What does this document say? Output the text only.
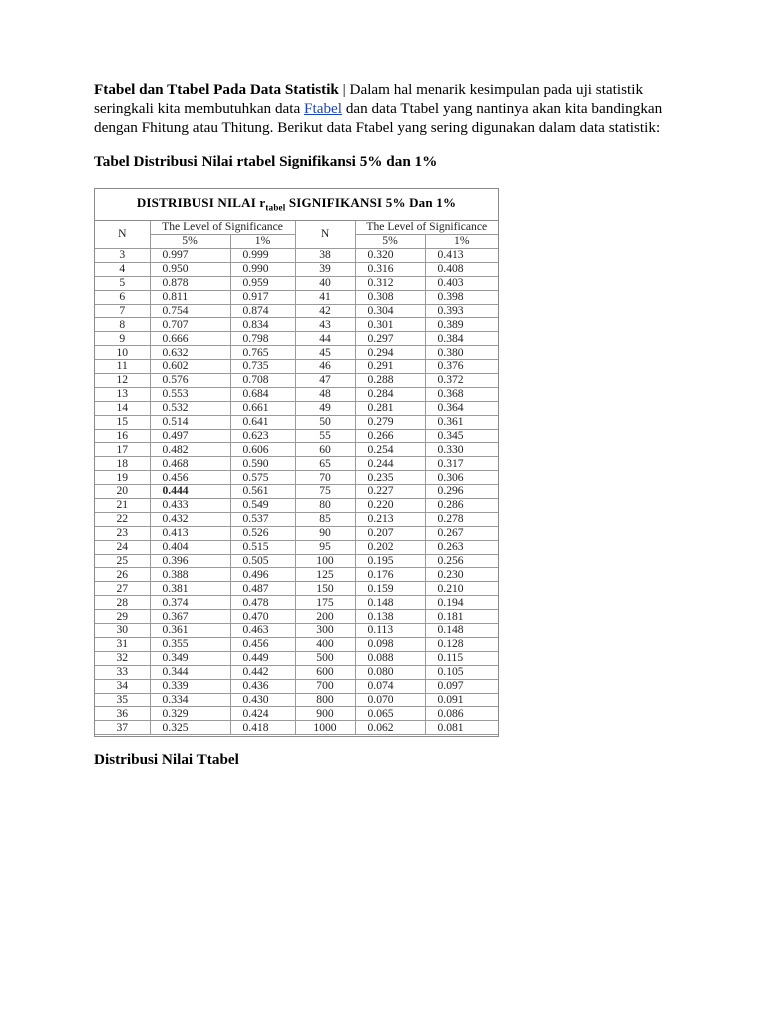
Ftabel dan Ttabel Pada Data Statistik | Dalam hal menarik kesimpulan pada uji statistik seringkali kita membutuhkan data Ftabel dan data Ttabel yang nantinya akan kita bandingkan dengan Fhitung atau Thitung. Berikut data Ftabel yang sering digunakan dalam data statistik:

Tabel Distribusi Nilai rtabel Signifikansi 5% dan 1%

DISTRIBUSI NILAI $r_{tabel}$ SIGNIFIKANSI 5% Dan 1%
N	The Level of Significance		N	The Level of Significance	
	5%	1%		5%	1%
3	0.997	0.999	38	0.320	0.413
4	0.950	0.990	39	0.316	0.408
5	0.878	0.959	40	0.312	0.403
6	0.811	0.917	41	0.308	0.398
7	0.754	0.874	42	0.304	0.393
8	0.707	0.834	43	0.301	0.389
9	0.666	0.798	44	0.297	0.384
10	0.632	0.765	45	0.294	0.380
11	0.602	0.735	46	0.291	0.376
12	0.576	0.708	47	0.288	0.372
13	0.553	0.684	48	0.284	0.368
14	0.532	0.661	49	0.281	0.364
15	0.514	0.641	50	0.279	0.361
16	0.497	0.623	55	0.266	0.345
17	0.482	0.606	60	0.254	0.330
18	0.468	0.590	65	0.244	0.317
19	0.456	0.575	70	0.235	0.306
20	0.444	0.561	75	0.227	0.296
21	0.433	0.549	80	0.220	0.286
22	0.432	0.537	85	0.213	0.278
23	0.413	0.526	90	0.207	0.267
24	0.404	0.515	95	0.202	0.263
25	0.396	0.505	100	0.195	0.256
26	0.388	0.496	125	0.176	0.230
27	0.381	0.487	150	0.159	0.210
28	0.374	0.478	175	0.148	0.194
29	0.367	0.470	200	0.138	0.181
30	0.361	0.463	300	0.113	0.148
31	0.355	0.456	400	0.098	0.128
32	0.349	0.449	500	0.088	0.115
33	0.344	0.442	600	0.080	0.105
34	0.339	0.436	700	0.074	0.097
35	0.334	0.430	800	0.070	0.091
36	0.329	0.424	900	0.065	0.086
37	0.325	0.418	1000	0.062	0.081

Distribusi Nilai Ttabel
